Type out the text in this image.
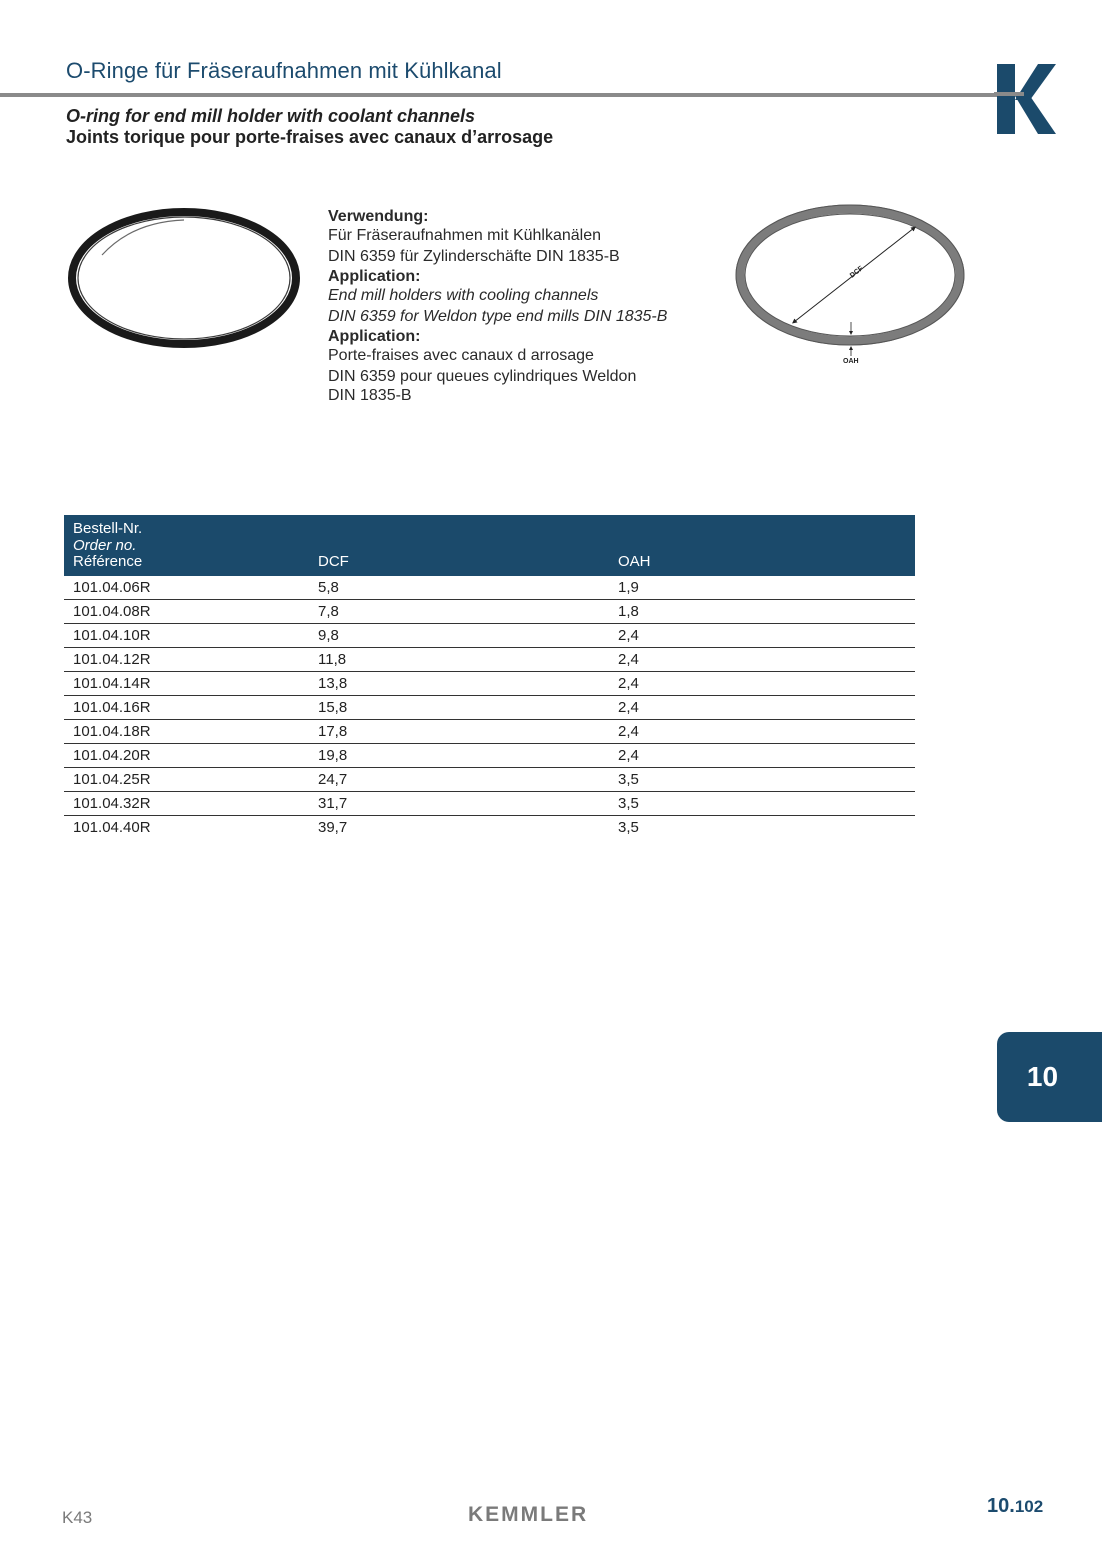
O-Ringe für Fräseraufnahmen mit Kühlkanal
O-ring for end mill holder with coolant channels
Joints torique pour porte-fraises avec canaux d’arrosage
Verwendung:
Für Fräseraufnahmen mit Kühlkanälen
DIN 6359 für Zylinderschäfte DIN 1835-B
Application:
End mill holders with cooling channels
DIN 6359 for Weldon type end mills DIN 1835-B
Application:
Porte-fraises avec canaux d arrosage
DIN 6359 pour queues cylindriques Weldon
DIN 1835-B
DCF
OAH
Bestell-Nr.
Order no.
Référence	DCF	OAH
101.04.06R	5,8	1,9
101.04.08R	7,8	1,8
101.04.10R	9,8	2,4
101.04.12R	11,8	2,4
101.04.14R	13,8	2,4
101.04.16R	15,8	2,4
101.04.18R	17,8	2,4
101.04.20R	19,8	2,4
101.04.25R	24,7	3,5
101.04.32R	31,7	3,5
101.04.40R	39,7	3,5
10
K43	KEMMLER	10.102
